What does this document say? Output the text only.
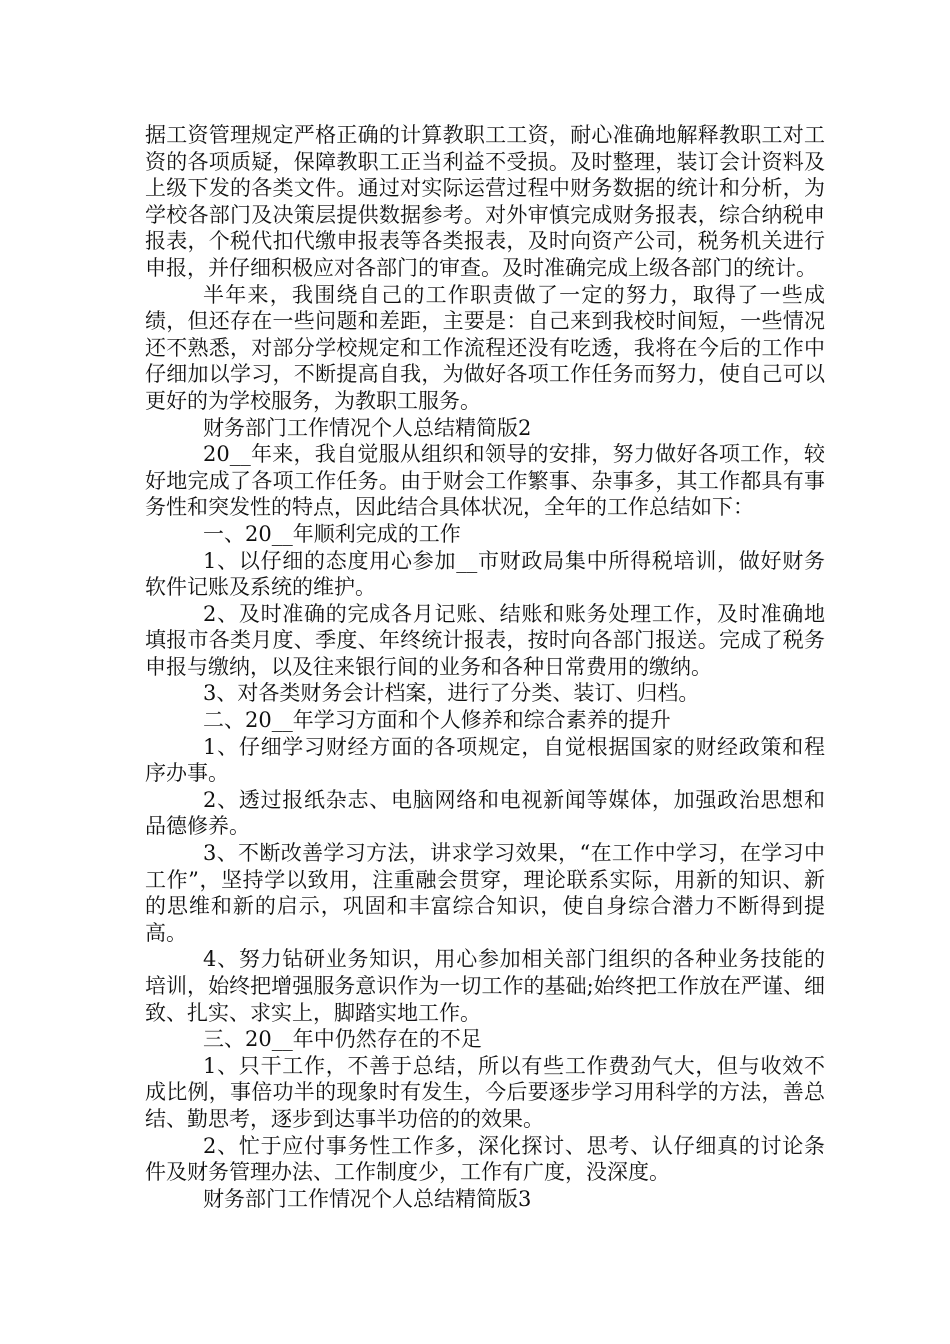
据工资管理规定严格正确的计算教职工工资，耐心准确地解释教职工对工资的各项质疑，保障教职工正当利益不受损。及时整理，装订会计资料及上级下发的各类文件。通过对实际运营过程中财务数据的统计和分析，为学校各部门及决策层提供数据参考。对外审慎完成财务报表，综合纳税申报表，个税代扣代缴申报表等各类报表，及时向资产公司，税务机关进行申报，并仔细积极应对各部门的审查。及时准确完成上级各部门的统计。

半年来，我围绕自己的工作职责做了一定的努力，取得了一些成绩，但还存在一些问题和差距，主要是：自己来到我校时间短，一些情况还不熟悉，对部分学校规定和工作流程还没有吃透，我将在今后的工作中仔细加以学习，不断提高自我，为做好各项工作任务而努力，使自己可以更好的为学校服务，为教职工服务。

财务部门工作情况个人总结精简版2

20__年来，我自觉服从组织和领导的安排，努力做好各项工作，较好地完成了各项工作任务。由于财会工作繁事、杂事多，其工作都具有事务性和突发性的特点，因此结合具体状况，全年的工作总结如下：

一、20__年顺利完成的工作

1、以仔细的态度用心参加__市财政局集中所得税培训，做好财务软件记账及系统的维护。

2、及时准确的完成各月记账、结账和账务处理工作，及时准确地填报市各类月度、季度、年终统计报表，按时向各部门报送。完成了税务申报与缴纳，以及往来银行间的业务和各种日常费用的缴纳。

3、对各类财务会计档案，进行了分类、装订、归档。

二、20__年学习方面和个人修养和综合素养的提升

1、仔细学习财经方面的各项规定，自觉根据国家的财经政策和程序办事。

2、透过报纸杂志、电脑网络和电视新闻等媒体，加强政治思想和品德修养。

3、不断改善学习方法，讲求学习效果，“在工作中学习，在学习中工作”，坚持学以致用，注重融会贯穿，理论联系实际，用新的知识、新的思维和新的启示，巩固和丰富综合知识，使自身综合潜力不断得到提高。

4、努力钻研业务知识，用心参加相关部门组织的各种业务技能的培训，始终把增强服务意识作为一切工作的基础;始终把工作放在严谨、细致、扎实、求实上，脚踏实地工作。

三、20__年中仍然存在的不足

1、只干工作，不善于总结，所以有些工作费劲气大，但与收效不成比例，事倍功半的现象时有发生，今后要逐步学习用科学的方法，善总结、勤思考，逐步到达事半功倍的的效果。

2、忙于应付事务性工作多，深化探讨、思考、认仔细真的讨论条件及财务管理办法、工作制度少，工作有广度，没深度。

财务部门工作情况个人总结精简版3
